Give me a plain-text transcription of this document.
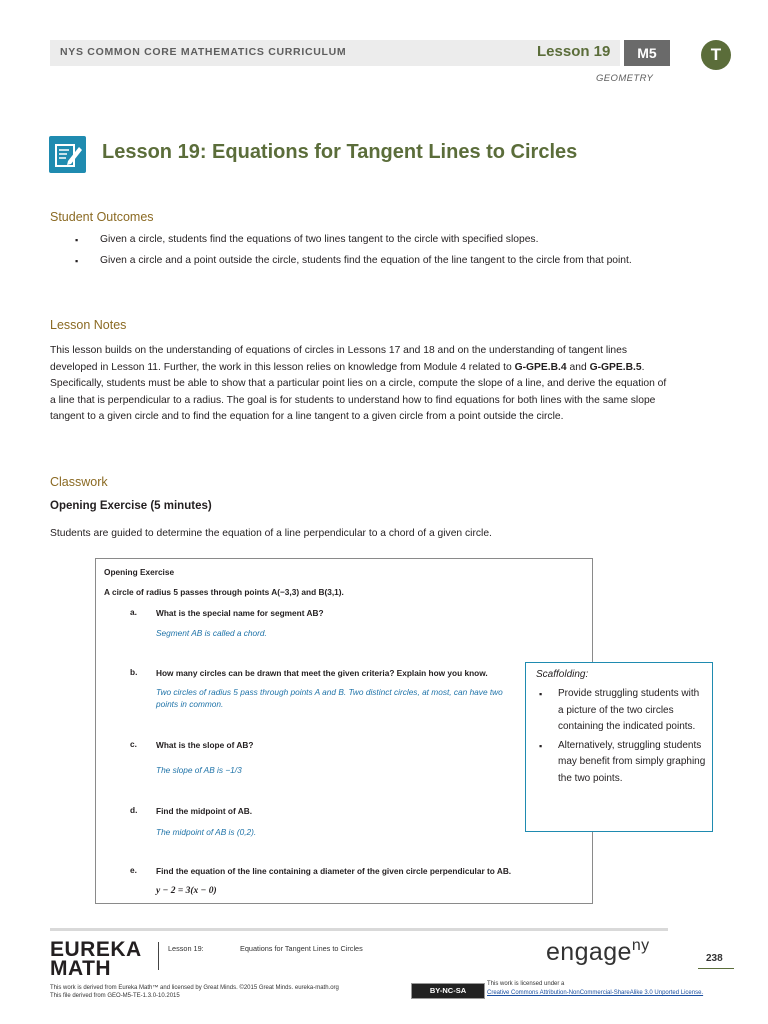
NYS COMMON CORE MATHEMATICS CURRICULUM	Lesson 19	M5
GEOMETRY
T
Lesson 19: Equations for Tangent Lines to Circles
Student Outcomes
▪ Given a circle, students find the equations of two lines tangent to the circle with specified slopes.
▪ Given a circle and a point outside the circle, students find the equation of the line tangent to the circle from that point.
Lesson Notes
This lesson builds on the understanding of equations of circles in Lessons 17 and 18 and on the understanding of tangent lines developed in Lesson 11. Further, the work in this lesson relies on knowledge from Module 4 related to G-GPE.B.4 and G-GPE.B.5. Specifically, students must be able to show that a particular point lies on a circle, compute the slope of a line, and derive the equation of a line that is perpendicular to a radius. The goal is for students to understand how to find equations for both lines with the same slope tangent to a given circle and to find the equation for a line tangent to a given circle from a point outside the circle.
Classwork
Opening Exercise (5 minutes)
Students are guided to determine the equation of a line perpendicular to a chord of a given circle.
Opening Exercise
A circle of radius 5 passes through points A(−3,3) and B(3,1).
a. What is the special name for segment AB?
Segment AB is called a chord.
b. How many circles can be drawn that meet the given criteria? Explain how you know.
Two circles of radius 5 pass through points A and B. Two distinct circles, at most, can have two points in common.
c. What is the slope of AB?
The slope of AB is −1/3
d. Find the midpoint of AB.
The midpoint of AB is (0,2).
e. Find the equation of the line containing a diameter of the given circle perpendicular to AB.
y − 2 = 3(x − 0)
Scaffolding:
▪ Provide struggling students with a picture of the two circles containing the indicated points.
▪ Alternatively, struggling students may benefit from simply graphing the two points.
EUREKA
MATH
Lesson 19:	Equations for Tangent Lines to Circles
This work is derived from Eureka Math™ and licensed by Great Minds. ©2015 Great Minds. eureka-math.org
This file derived from GEO-M5-TE-1.3.0-10.2015
engage$^{ny}$
238
BY-NC-SA
This work is licensed under a
Creative Commons Attribution-NonCommercial-ShareAlike 3.0 Unported License.
